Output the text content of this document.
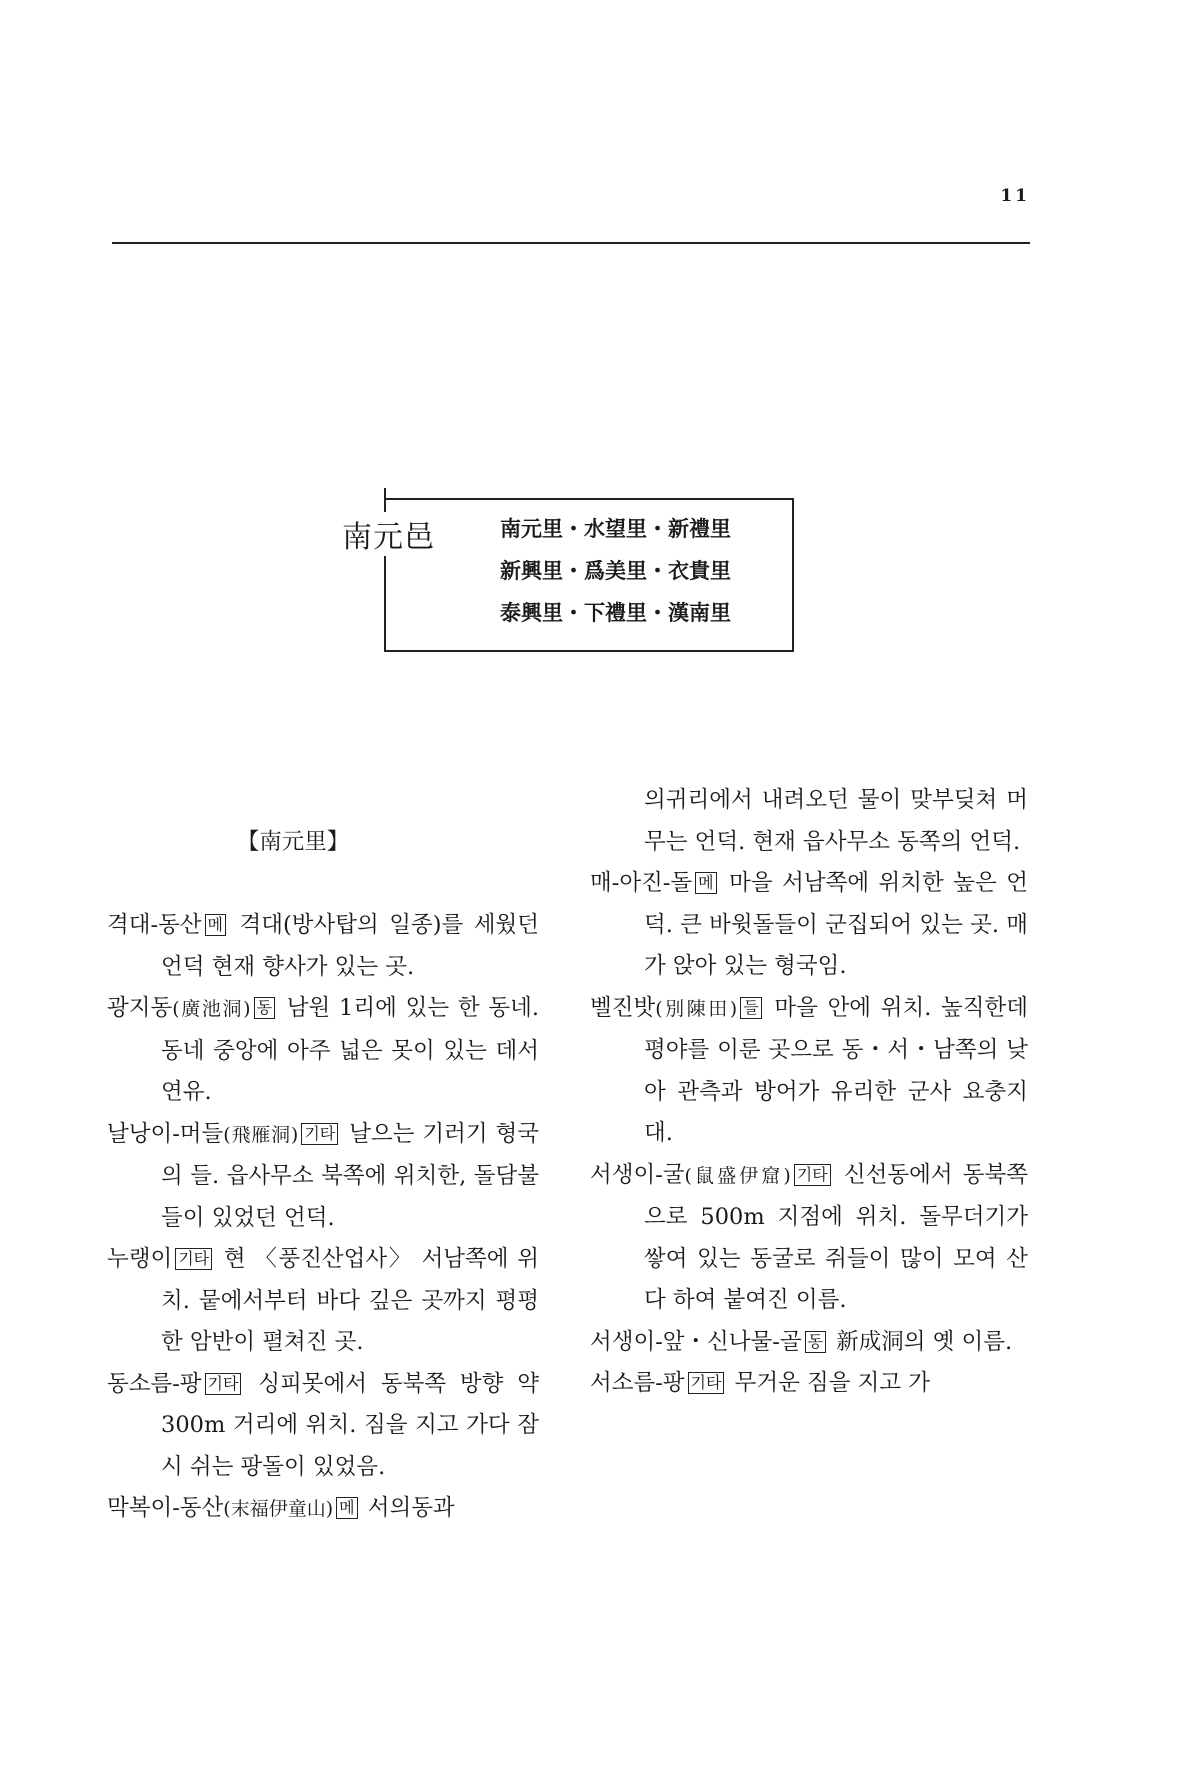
11
南元邑	南元里・水望里・新禮里
新興里・爲美里・衣貴里
泰興里・下禮里・漢南里
【南元里】
격대-동산 메 격대(방사탑의 일종)를 세웠던 언덕 현재 향사가 있는 곳.
광지동(廣池洞) 동 남원 1리에 있는 한 동네. 동네 중앙에 아주 넓은 못이 있는 데서 연유.
날낭이-머들(飛雁洞) 기타 날으는 기러기 형국의 들. 읍사무소 북쪽에 위치한, 돌담불들이 있었던 언덕.
누랭이 기타 현 〈풍진산업사〉 서남쪽에 위치. 뭍에서부터 바다 깊은 곳까지 평평한 암반이 펼쳐진 곳.
동소름-팡 기타 싱피못에서 동북쪽 방향 약 300m 거리에 위치. 짐을 지고 가다 잠시 쉬는 팡돌이 있었음.
막복이-동산(末福伊童山) 메 서의동과
의귀리에서 내려오던 물이 맞부딪쳐 머무는 언덕. 현재 읍사무소 동쪽의 언덕.
매-아진-돌 메 마을 서남쪽에 위치한 높은 언덕. 큰 바윗돌들이 군집되어 있는 곳. 매가 앉아 있는 형국임.
벨진밧(別陳田) 들 마을 안에 위치. 높직한데 평야를 이룬 곳으로 동・서・남쪽의 낮아 관측과 방어가 유리한 군사 요충지대.
서생이-굴(鼠盛伊窟) 기타 신선동에서 동북쪽으로 500m 지점에 위치. 돌무더기가 쌓여 있는 동굴로 쥐들이 많이 모여 산다 하여 붙여진 이름.
서생이-앞・신나물-골 동 新成洞의 옛 이름.
서소름-팡 기타 무거운 짐을 지고 가
